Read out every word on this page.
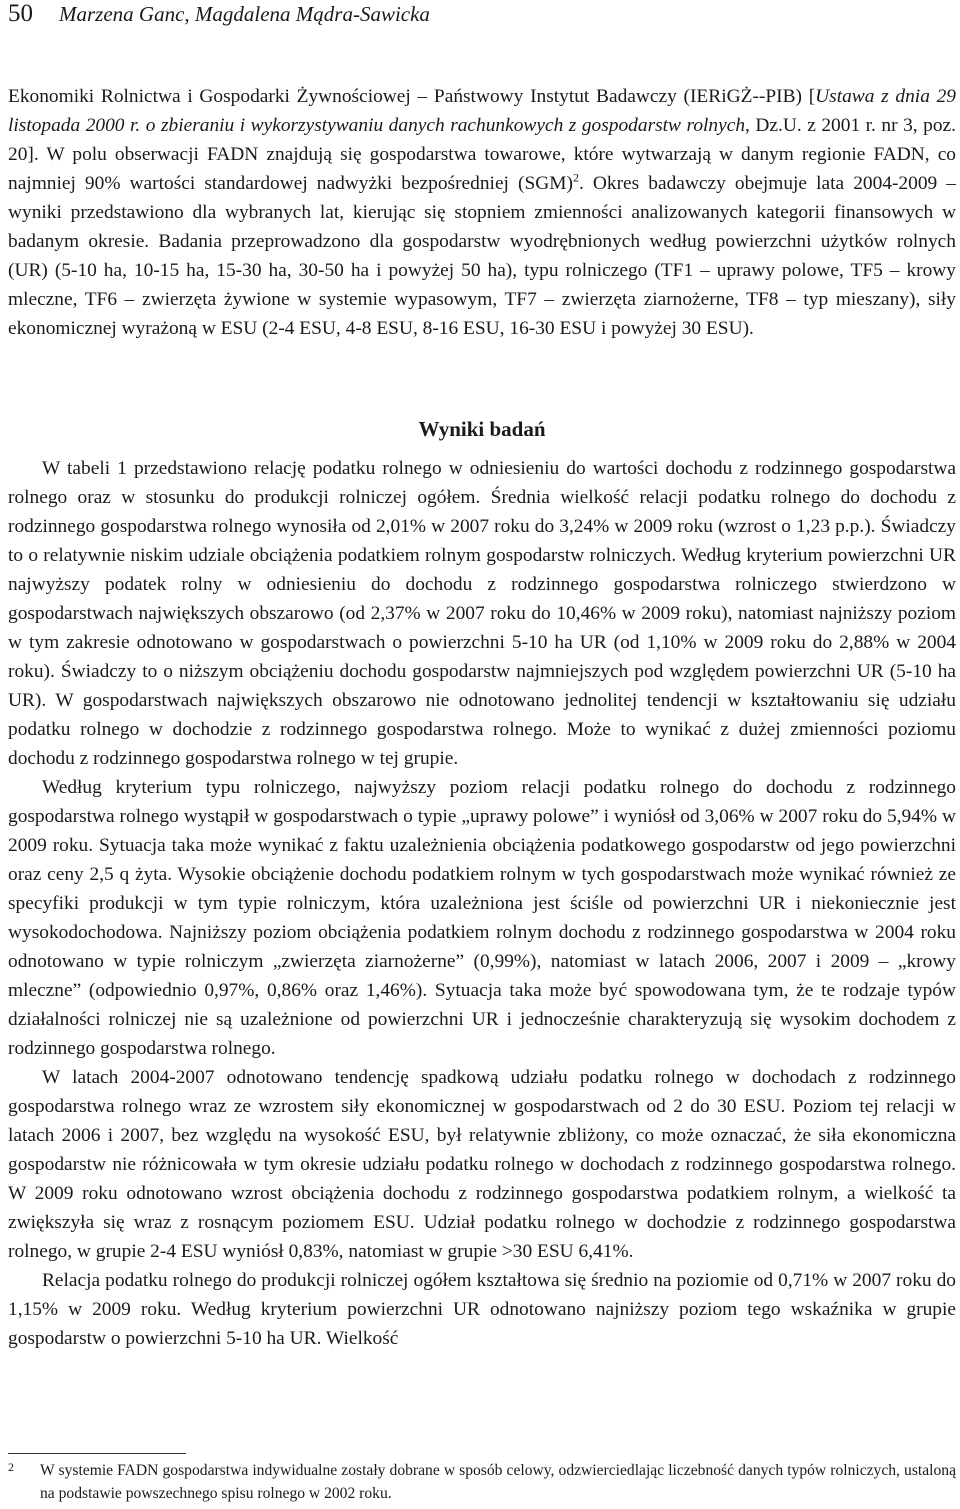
50 Marzena Ganc, Magdalena Mądra-Sawicka
Ekonomiki Rolnictwa i Gospodarki Żywnościowej – Państwowy Instytut Badawczy (IERiGŻ--PIB) [Ustawa z dnia 29 listopada 2000 r. o zbieraniu i wykorzystywaniu danych rachunkowych z gospodarstw rolnych, Dz.U. z 2001 r. nr 3, poz. 20]. W polu obserwacji FADN znajdują się gospodarstwa towarowe, które wytwarzają w danym regionie FADN, co najmniej 90% wartości standardowej nadwyżki bezpośredniej (SGM)$^2$. Okres badawczy obejmuje lata 2004-2009 – wyniki przedstawiono dla wybranych lat, kierując się stopniem zmienności analizowanych kategorii finansowych w badanym okresie. Badania przeprowadzono dla gospodarstw wyodrębnionych według powierzchni użytków rolnych (UR) (5-10 ha, 10-15 ha, 15-30 ha, 30-50 ha i powyżej 50 ha), typu rolniczego (TF1 – uprawy polowe, TF5 – krowy mleczne, TF6 – zwierzęta żywione w systemie wypasowym, TF7 – zwierzęta ziarnożerne, TF8 – typ mieszany), siły ekonomicznej wyrażoną w ESU (2-4 ESU, 4-8 ESU, 8-16 ESU, 16-30 ESU i powyżej 30 ESU).
Wyniki badań

W tabeli 1 przedstawiono relację podatku rolnego w odniesieniu do wartości dochodu z rodzinnego gospodarstwa rolnego oraz w stosunku do produkcji rolniczej ogółem. Średnia wielkość relacji podatku rolnego do dochodu z rodzinnego gospodarstwa rolnego wynosiła od 2,01% w 2007 roku do 3,24% w 2009 roku (wzrost o 1,23 p.p.). Świadczy to o relatywnie niskim udziale obciążenia podatkiem rolnym gospodarstw rolniczych. Według kryterium powierzchni UR najwyższy podatek rolny w odniesieniu do dochodu z rodzinnego gospodarstwa rolniczego stwierdzono w gospodarstwach największych obszarowo (od 2,37% w 2007 roku do 10,46% w 2009 roku), natomiast najniższy poziom w tym zakresie odnotowano w gospodarstwach o powierzchni 5-10 ha UR (od 1,10% w 2009 roku do 2,88% w 2004 roku). Świadczy to o niższym obciążeniu dochodu gospodarstw najmniejszych pod względem powierzchni UR (5-10 ha UR). W gospodarstwach największych obszarowo nie odnotowano jednolitej tendencji w kształtowaniu się udziału podatku rolnego w dochodzie z rodzinnego gospodarstwa rolnego. Może to wynikać z dużej zmienności poziomu dochodu z rodzinnego gospodarstwa rolnego w tej grupie.

Według kryterium typu rolniczego, najwyższy poziom relacji podatku rolnego do dochodu z rodzinnego gospodarstwa rolnego wystąpił w gospodarstwach o typie „uprawy polowe” i wyniósł od 3,06% w 2007 roku do 5,94% w 2009 roku. Sytuacja taka może wynikać z faktu uzależnienia obciążenia podatkowego gospodarstw od jego powierzchni oraz ceny 2,5 q żyta. Wysokie obciążenie dochodu podatkiem rolnym w tych gospodarstwach może wynikać również ze specyfiki produkcji w tym typie rolniczym, która uzależniona jest ściśle od powierzchni UR i niekoniecznie jest wysokodochodowa. Najniższy poziom obciążenia podatkiem rolnym dochodu z rodzinnego gospodarstwa w 2004 roku odnotowano w typie rolniczym „zwierzęta ziarnożerne” (0,99%), natomiast w latach 2006, 2007 i 2009 – „krowy mleczne” (odpowiednio 0,97%, 0,86% oraz 1,46%). Sytuacja taka może być spowodowana tym, że te rodzaje typów działalności rolniczej nie są uzależnione od powierzchni UR i jednocześnie charakteryzują się wysokim dochodem z rodzinnego gospodarstwa rolnego.

W latach 2004-2007 odnotowano tendencję spadkową udziału podatku rolnego w dochodach z rodzinnego gospodarstwa rolnego wraz ze wzrostem siły ekonomicznej w gospodarstwach od 2 do 30 ESU. Poziom tej relacji w latach 2006 i 2007, bez względu na wysokość ESU, był relatywnie zbliżony, co może oznaczać, że siła ekonomiczna gospodarstw nie różnicowała w tym okresie udziału podatku rolnego w dochodach z rodzinnego gospodarstwa rolnego. W 2009 roku odnotowano wzrost obciążenia dochodu z rodzinnego gospodarstwa podatkiem rolnym, a wielkość ta zwiększyła się wraz z rosnącym poziomem ESU. Udział podatku rolnego w dochodzie z rodzinnego gospodarstwa rolnego, w grupie 2-4 ESU wyniósł 0,83%, natomiast w grupie >30 ESU 6,41%.

Relacja podatku rolnego do produkcji rolniczej ogółem kształtowa się średnio na poziomie od 0,71% w 2007 roku do 1,15% w 2009 roku. Według kryterium powierzchni UR odnotowano najniższy poziom tego wskaźnika w grupie gospodarstw o powierzchni 5-10 ha UR. Wielkość

2	W systemie FADN gospodarstwa indywidualne zostały dobrane w sposób celowy, odzwierciedlając liczebność danych typów rolniczych, ustaloną na podstawie powszechnego spisu rolnego w 2002 roku.
